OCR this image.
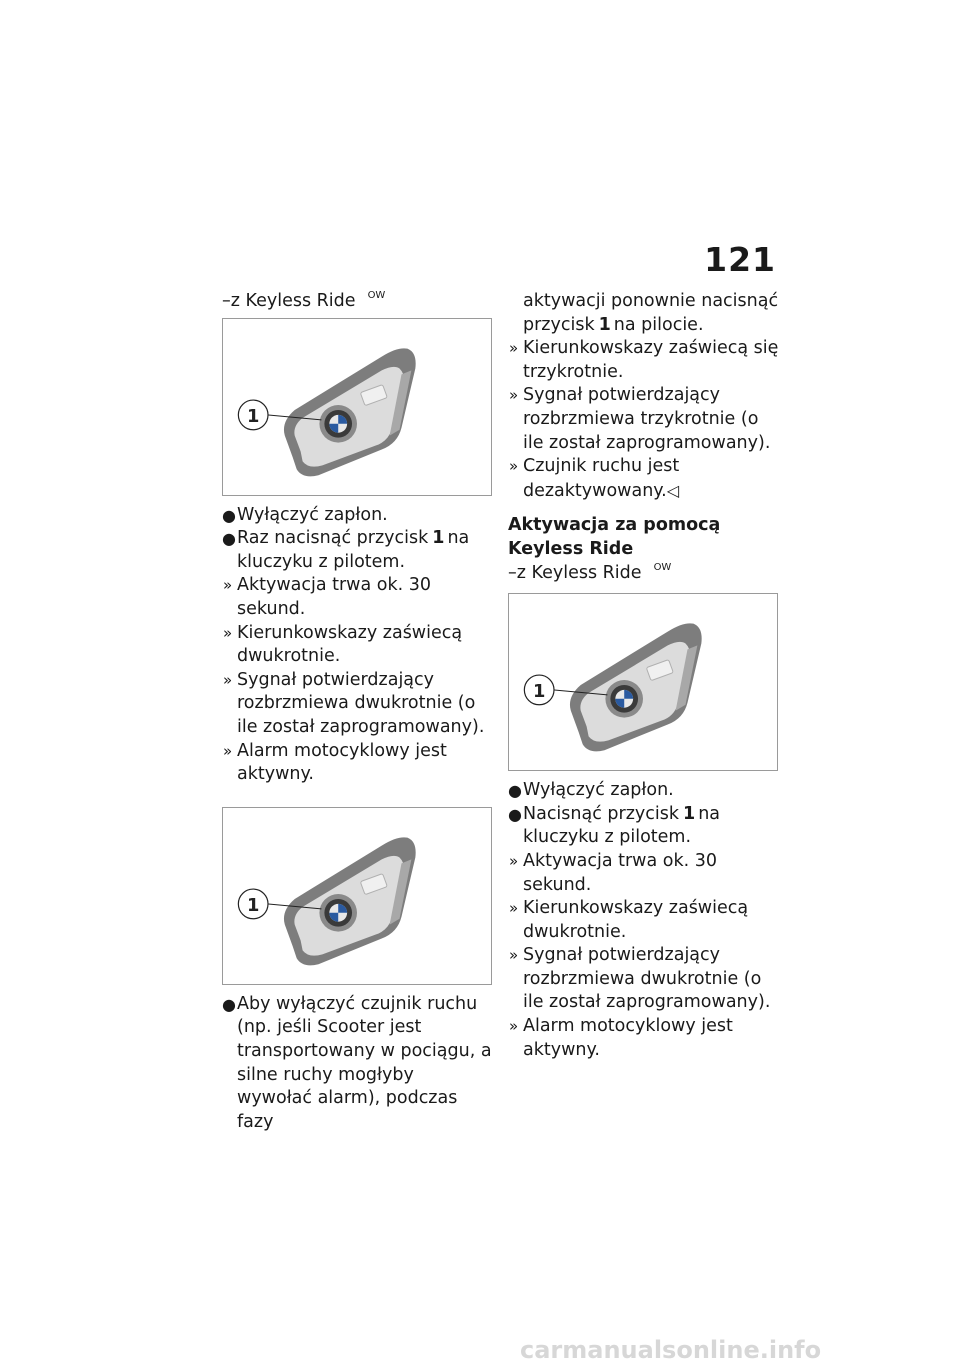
121
–z Keyless Ride OW
1

● Wyłączyć zapłon.

● Raz nacisnąć przycisk 1 na kluczyku z pilotem.

» Aktywacja trwa ok. 30 sekund.

» Kierunkowskazy zaświecą dwukrotnie.

» Sygnał potwierdzający rozbrzmiewa dwukrotnie (o ile został zaprogramowany).

» Alarm motocyklowy jest aktywny.

1

● Aby wyłączyć czujnik ruchu (np. jeśli Scooter jest transportowany w pociągu, a silne ruchy mogłyby wywołać alarm), podczas fazy

aktywacji ponownie nacisnąć przycisk 1 na pilocie.

» Kierunkowskazy zaświecą się trzykrotnie.

» Sygnał potwierdzający rozbrzmiewa trzykrotnie (o ile został zaprogramowany).

» Czujnik ruchu jest dezaktywowany.◁

Aktywacja za pomocą Keyless Ride
–z Keyless Ride OW
1

● Wyłączyć zapłon.

● Nacisnąć przycisk 1 na kluczyku z pilotem.

» Aktywacja trwa ok. 30 sekund.

» Kierunkowskazy zaświecą dwukrotnie.

» Sygnał potwierdzający rozbrzmiewa dwukrotnie (o ile został zaprogramowany).

» Alarm motocyklowy jest aktywny.

carmanualsonline.info
